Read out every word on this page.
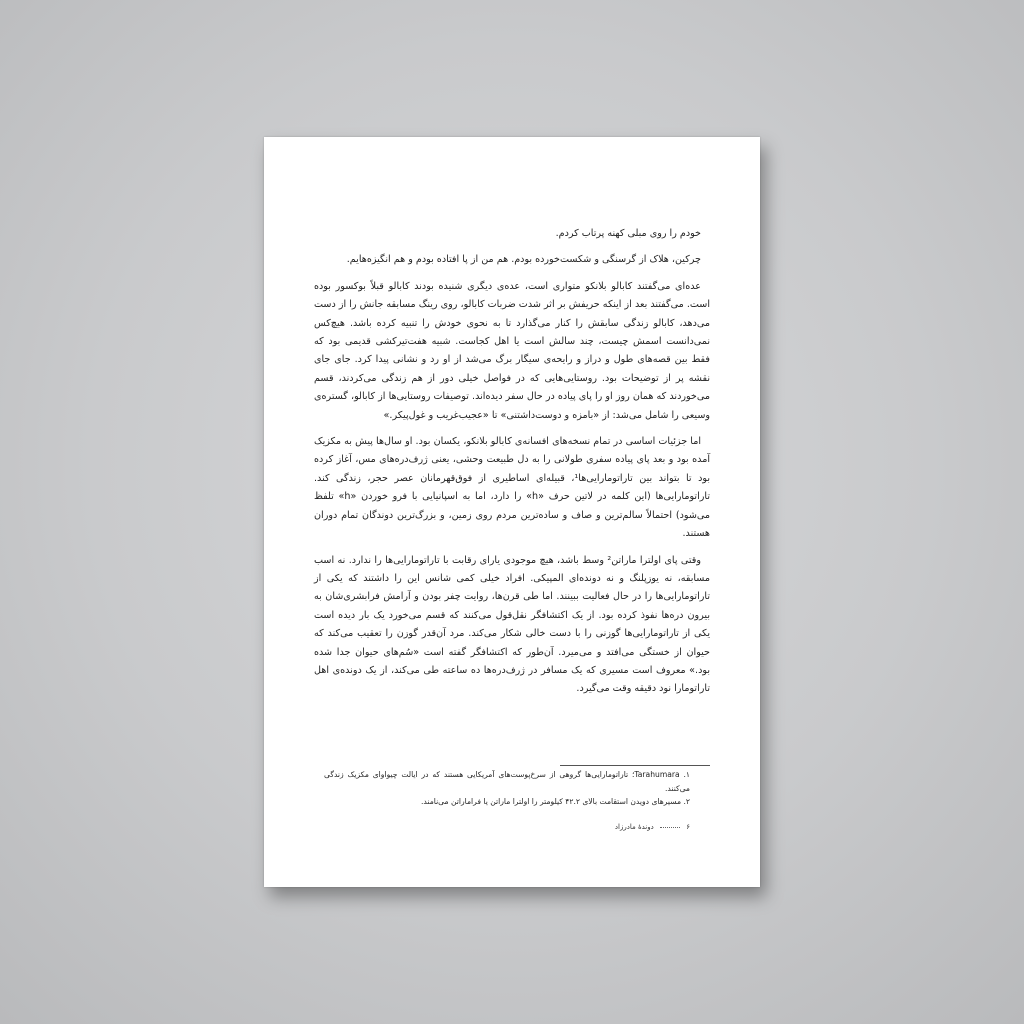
خودم را روی مبلی کهنه پرتاب کردم.

چرکین، هلاک از گرسنگی و شکست‌خورده بودم. هم من از پا افتاده بودم و هم انگیزه‌هایم.

عده‌ای می‌گفتند کابالو بلانکو متواری است، عده‌ی دیگری شنیده بودند کابالو قبلاً بوکسور بوده است. می‌گفتند بعد از اینکه حریفش بر اثر شدت ضربات کابالو، روی رینگ مسابقه جانش را از دست می‌دهد، کابالو زندگی سابقش را کنار می‌گذارد تا به نحوی خودش را تنبیه کرده باشد. هیچ‌کس نمی‌دانست اسمش چیست، چند سالش است یا اهل کجاست. شبیه هفت‌تیرکشی قدیمی بود که فقط بین قصه‌های طول و دراز و رایحه‌ی سیگار برگ می‌شد از او رد و نشانی پیدا کرد. جای جای نقشه پر از توضیحات بود. روستایی‌هایی که در فواصل خیلی دور از هم زندگی می‌کردند، قسم می‌خوردند که همان روز او را پای پیاده در حال سفر دیده‌اند. توصیفات روستایی‌ها از کابالو، گستره‌ی وسیعی را شامل می‌شد: از «بامزه و دوست‌داشتنی» تا «عجیب‌غریب و غول‌پیکر.»

اما جزئیات اساسی در تمام نسخه‌های افسانه‌ی کابالو بلانکو، یکسان بود. او سال‌ها پیش به مکزیک آمده بود و بعد پای پیاده سفری طولانی را به دل طبیعت وحشی، یعنی ژرف‌دره‌های مس، آغاز کرده بود تا بتواند بین تاراتومارایی‌ها¹، قبیله‌ای اساطیری از فوق‌قهرمانان عصر حجر، زندگی کند. تاراتومارایی‌ها (این کلمه در لاتین حرف «h» را دارد، اما به اسپانیایی با فرو خوردن «h» تلفظ می‌شود) احتمالاً سالم‌ترین و صاف و ساده‌ترین مردم روی زمین، و بزرگ‌ترین دوندگان تمام دوران هستند.

وقتی پای اولترا ماراتن² وسط باشد، هیچ موجودی یارای رقابت با تاراتومارایی‌ها را ندارد. نه اسب مسابقه، نه یوزپلنگ و نه دونده‌ای المپیکی. افراد خیلی کمی شانس این را داشتند که یکی از تاراتومارایی‌ها را در حال فعالیت ببینند. اما طی قرن‌ها، روایت چفر بودن و آرامش فرابشری‌شان به بیرون دره‌ها نفوذ کرده بود. از یک اکتشافگر نقل‌قول می‌کنند که قسم می‌خورد یک بار دیده است یکی از تاراتومارایی‌ها گوزنی را با دست خالی شکار می‌کند. مرد آن‌قدر گوزن را تعقیب می‌کند که حیوان از خستگی می‌افتد و می‌میرد. آن‌طور که اکتشافگر گفته است «سُم‌های حیوان جدا شده بود.» معروف است مسیری که یک مسافر در ژرف‌دره‌ها ده ساعته طی می‌کند، از یک دونده‌ی اهل تاراتومارا نود دقیقه وقت می‌گیرد.

۱. Tarahumara؛ تاراتومارایی‌ها گروهی از سرخ‌پوست‌های آمریکایی هستند که در ایالت چیواوای مکزیک زندگی می‌کنند.

۲. مسیرهای دویدن استقامت بالای ۴۲.۲ کیلومتر را اولترا ماراتن یا فراماراتن می‌نامند.

۶  دوندهٔ مادرزاد
